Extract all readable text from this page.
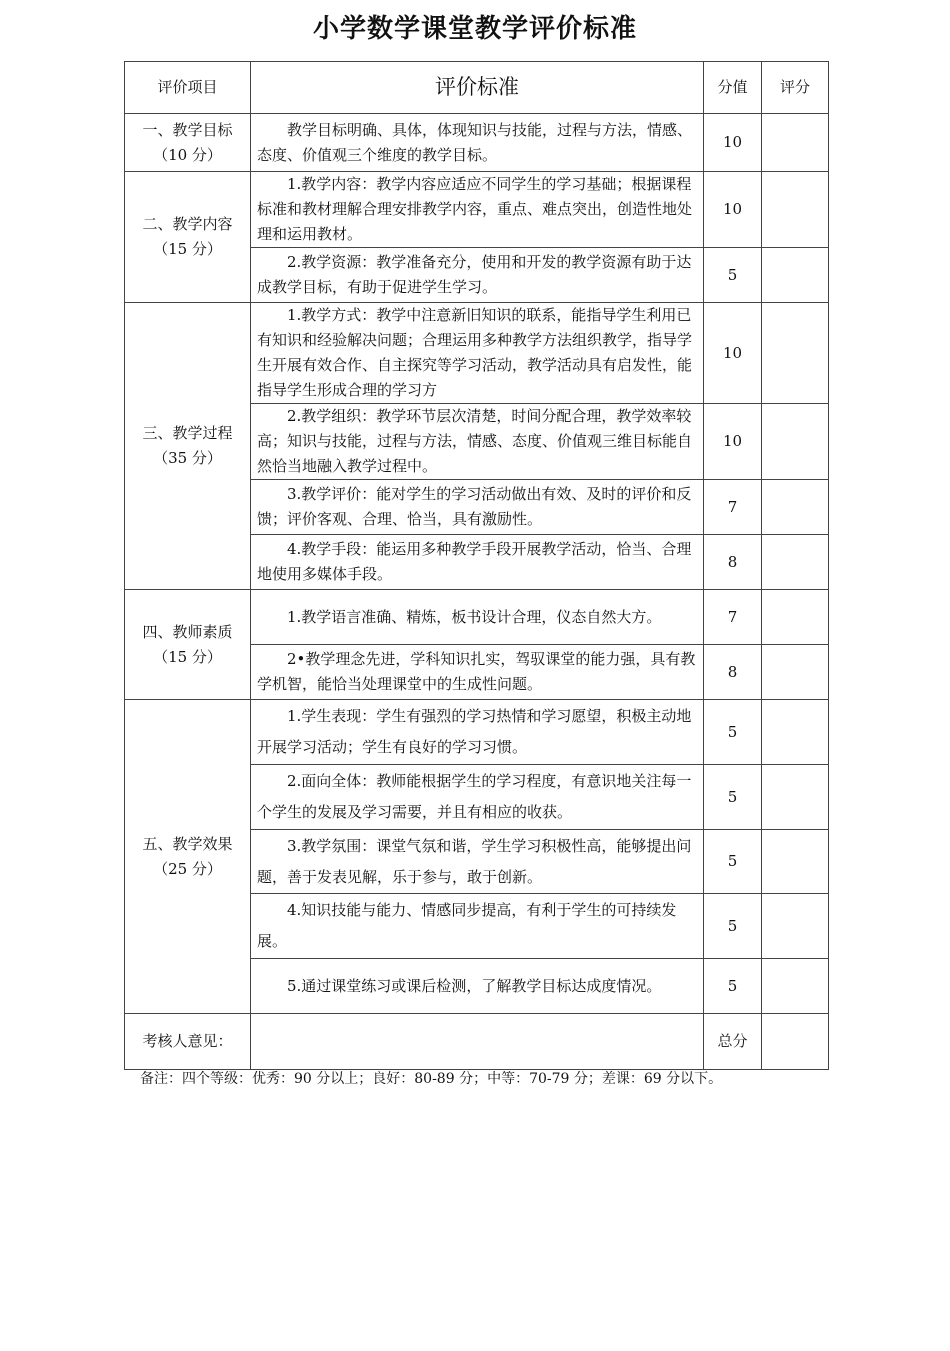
小学数学课堂教学评价标准
评价项目	评价标准	分值	评分

一、教学目标
（10 分）	教学目标明确、具体，体现知识与技能，过程与方法，情感、态度、价值观三个维度的教学目标。	10	

二、教学内容
（15 分）	1.教学内容：教学内容应适应不同学生的学习基础；根据课程标准和教材理解合理安排教学内容，重点、难点突出，创造性地处理和运用教材。	10	
	2.教学资源：教学准备充分，使用和开发的教学资源有助于达成教学目标，有助于促进学生学习。	5	

三、教学过程
（35 分）	1.教学方式：教学中注意新旧知识的联系，能指导学生利用已有知识和经验解决问题；合理运用多种教学方法组织教学，指导学生开展有效合作、自主探究等学习活动，教学活动具有启发性，能指导学生形成合理的学习方	10	
	2.教学组织：教学环节层次清楚，时间分配合理，教学效率较高；知识与技能，过程与方法，情感、态度、价值观三维目标能自然恰当地融入教学过程中。	10	
	3.教学评价：能对学生的学习活动做出有效、及时的评价和反馈；评价客观、合理、恰当，具有激励性。	7	
	4.教学手段：能运用多种教学手段开展教学活动，恰当、合理地使用多媒体手段。	8	

四、教师素质
（15 分）	1.教学语言准确、精炼，板书设计合理，仪态自然大方。	7	
	2•教学理念先进，学科知识扎实，驾驭课堂的能力强，具有教学机智，能恰当处理课堂中的生成性问题。	8	

五、教学效果
（25 分）	1.学生表现：学生有强烈的学习热情和学习愿望，积极主动地开展学习活动；学生有良好的学习习惯。	5	
	2.面向全体：教师能根据学生的学习程度，有意识地关注每一个学生的发展及学习需要，并且有相应的收获。	5	
	3.教学氛围：课堂气氛和谐，学生学习积极性高，能够提出问题，善于发表见解，乐于参与，敢于创新。	5	
	4.知识技能与能力、情感同步提高，有利于学生的可持续发展。	5	
	5.通过课堂练习或课后检测，了解教学目标达成度情况。	5	
考核人意见：		总分	
备注：四个等级：优秀：90 分以上；良好：80-89 分；中等：70-79 分；差课：69 分以下。
